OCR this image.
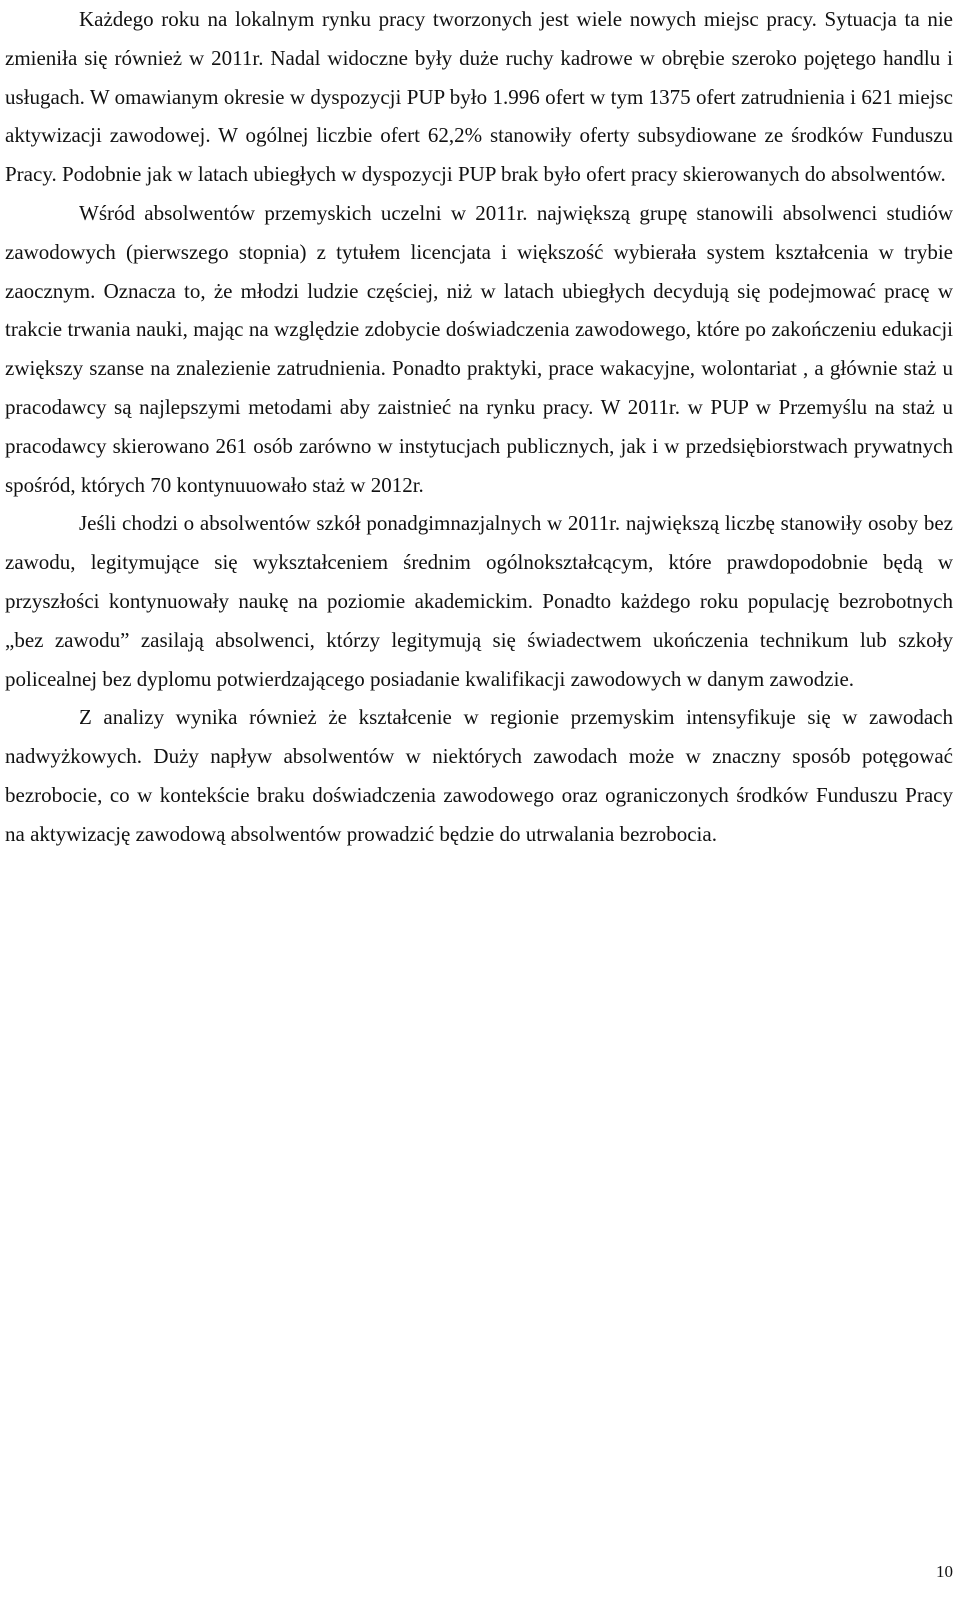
Każdego roku na lokalnym rynku pracy tworzonych jest wiele nowych miejsc pracy. Sytuacja ta nie zmieniła się również w 2011r. Nadal widoczne były duże ruchy kadrowe w obrębie szeroko pojętego handlu i usługach. W omawianym okresie w dyspozycji PUP było 1.996 ofert w tym 1375 ofert zatrudnienia i 621 miejsc aktywizacji zawodowej. W ogólnej liczbie ofert 62,2% stanowiły oferty subsydiowane ze środków Funduszu Pracy. Podobnie jak w latach ubiegłych w dyspozycji PUP brak było ofert pracy skierowanych do absolwentów.

Wśród absolwentów przemyskich uczelni w 2011r. największą grupę stanowili absolwenci studiów zawodowych (pierwszego stopnia) z tytułem licencjata i większość wybierała system kształcenia w trybie zaocznym. Oznacza to, że młodzi ludzie częściej, niż w latach ubiegłych decydują się podejmować pracę w trakcie trwania nauki, mając na względzie zdobycie doświadczenia zawodowego, które po zakończeniu edukacji zwiększy szanse na znalezienie zatrudnienia. Ponadto praktyki, prace wakacyjne, wolontariat , a głównie staż u pracodawcy są najlepszymi metodami aby zaistnieć na rynku pracy. W 2011r. w PUP w Przemyślu na staż u pracodawcy skierowano 261 osób zarówno w instytucjach publicznych, jak i w przedsiębiorstwach prywatnych spośród, których 70 kontynuuowało staż w 2012r.

Jeśli chodzi o absolwentów szkół ponadgimnazjalnych w 2011r. największą liczbę stanowiły osoby bez zawodu, legitymujące się wykształceniem średnim ogólnokształcącym, które prawdopodobnie będą w przyszłości kontynuowały naukę na poziomie akademickim. Ponadto każdego roku populację bezrobotnych „bez zawodu” zasilają absolwenci, którzy legitymują się świadectwem ukończenia technikum lub szkoły policealnej bez dyplomu potwierdzającego posiadanie kwalifikacji zawodowych w danym zawodzie.

Z analizy wynika również że kształcenie w regionie przemyskim intensyfikuje się w zawodach nadwyżkowych. Duży napływ absolwentów w niektórych zawodach może w znaczny sposób potęgować bezrobocie, co w kontekście braku doświadczenia zawodowego oraz ograniczonych środków Funduszu Pracy na aktywizację zawodową absolwentów prowadzić będzie do utrwalania bezrobocia.

10
